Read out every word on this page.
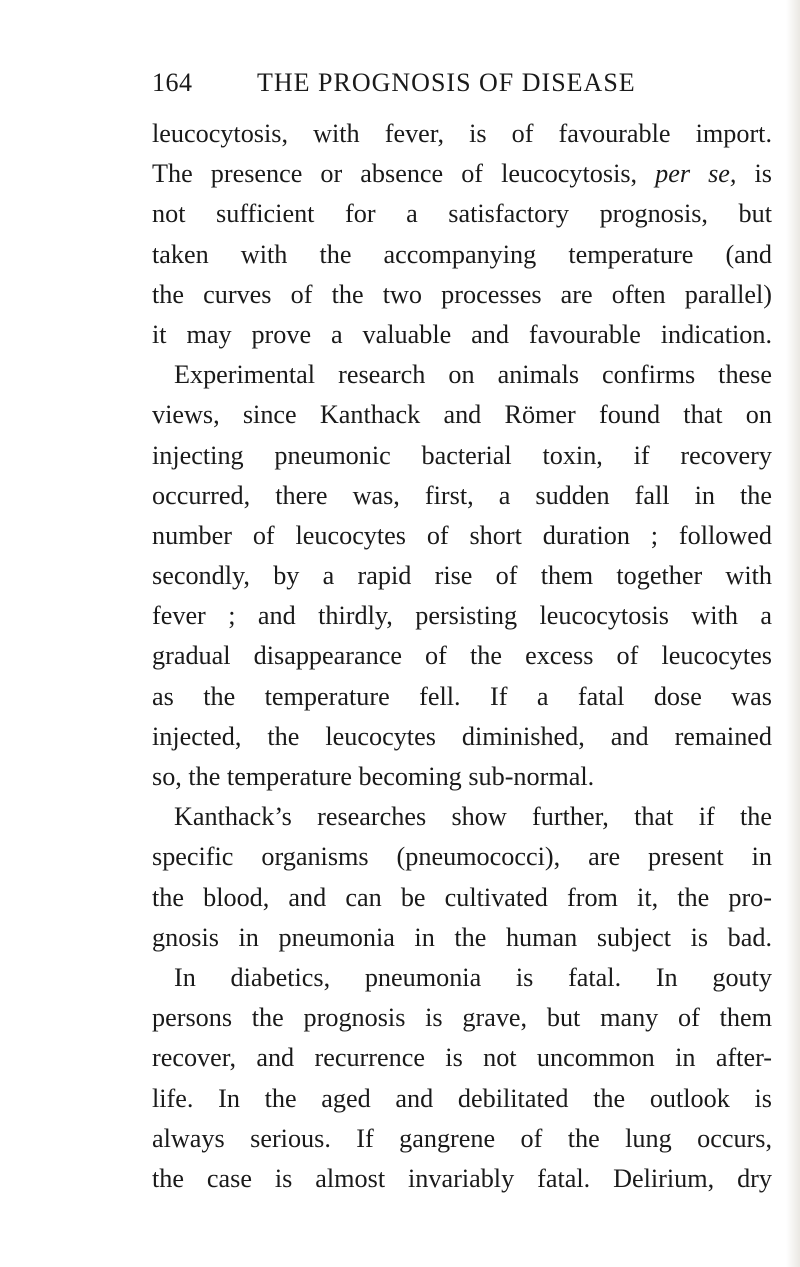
164 THE PROGNOSIS OF DISEASE
leucocytosis, with fever, is of favourable import.
The presence or absence of leucocytosis, per se, is
not sufficient for a satisfactory prognosis, but
taken with the accompanying temperature (and
the curves of the two processes are often parallel)
it may prove a valuable and favourable indication.
Experimental research on animals confirms these
views, since Kanthack and Römer found that on
injecting pneumonic bacterial toxin, if recovery
occurred, there was, first, a sudden fall in the
number of leucocytes of short duration ; followed
secondly, by a rapid rise of them together with
fever ; and thirdly, persisting leucocytosis with a
gradual disappearance of the excess of leucocytes
as the temperature fell. If a fatal dose was
injected, the leucocytes diminished, and remained
so, the temperature becoming sub-normal.
Kanthack’s researches show further, that if the
specific organisms (pneumococci), are present in
the blood, and can be cultivated from it, the pro-
gnosis in pneumonia in the human subject is bad.
In diabetics, pneumonia is fatal. In gouty
persons the prognosis is grave, but many of them
recover, and recurrence is not uncommon in after-
life. In the aged and debilitated the outlook is
always serious. If gangrene of the lung occurs,
the case is almost invariably fatal. Delirium, dry
